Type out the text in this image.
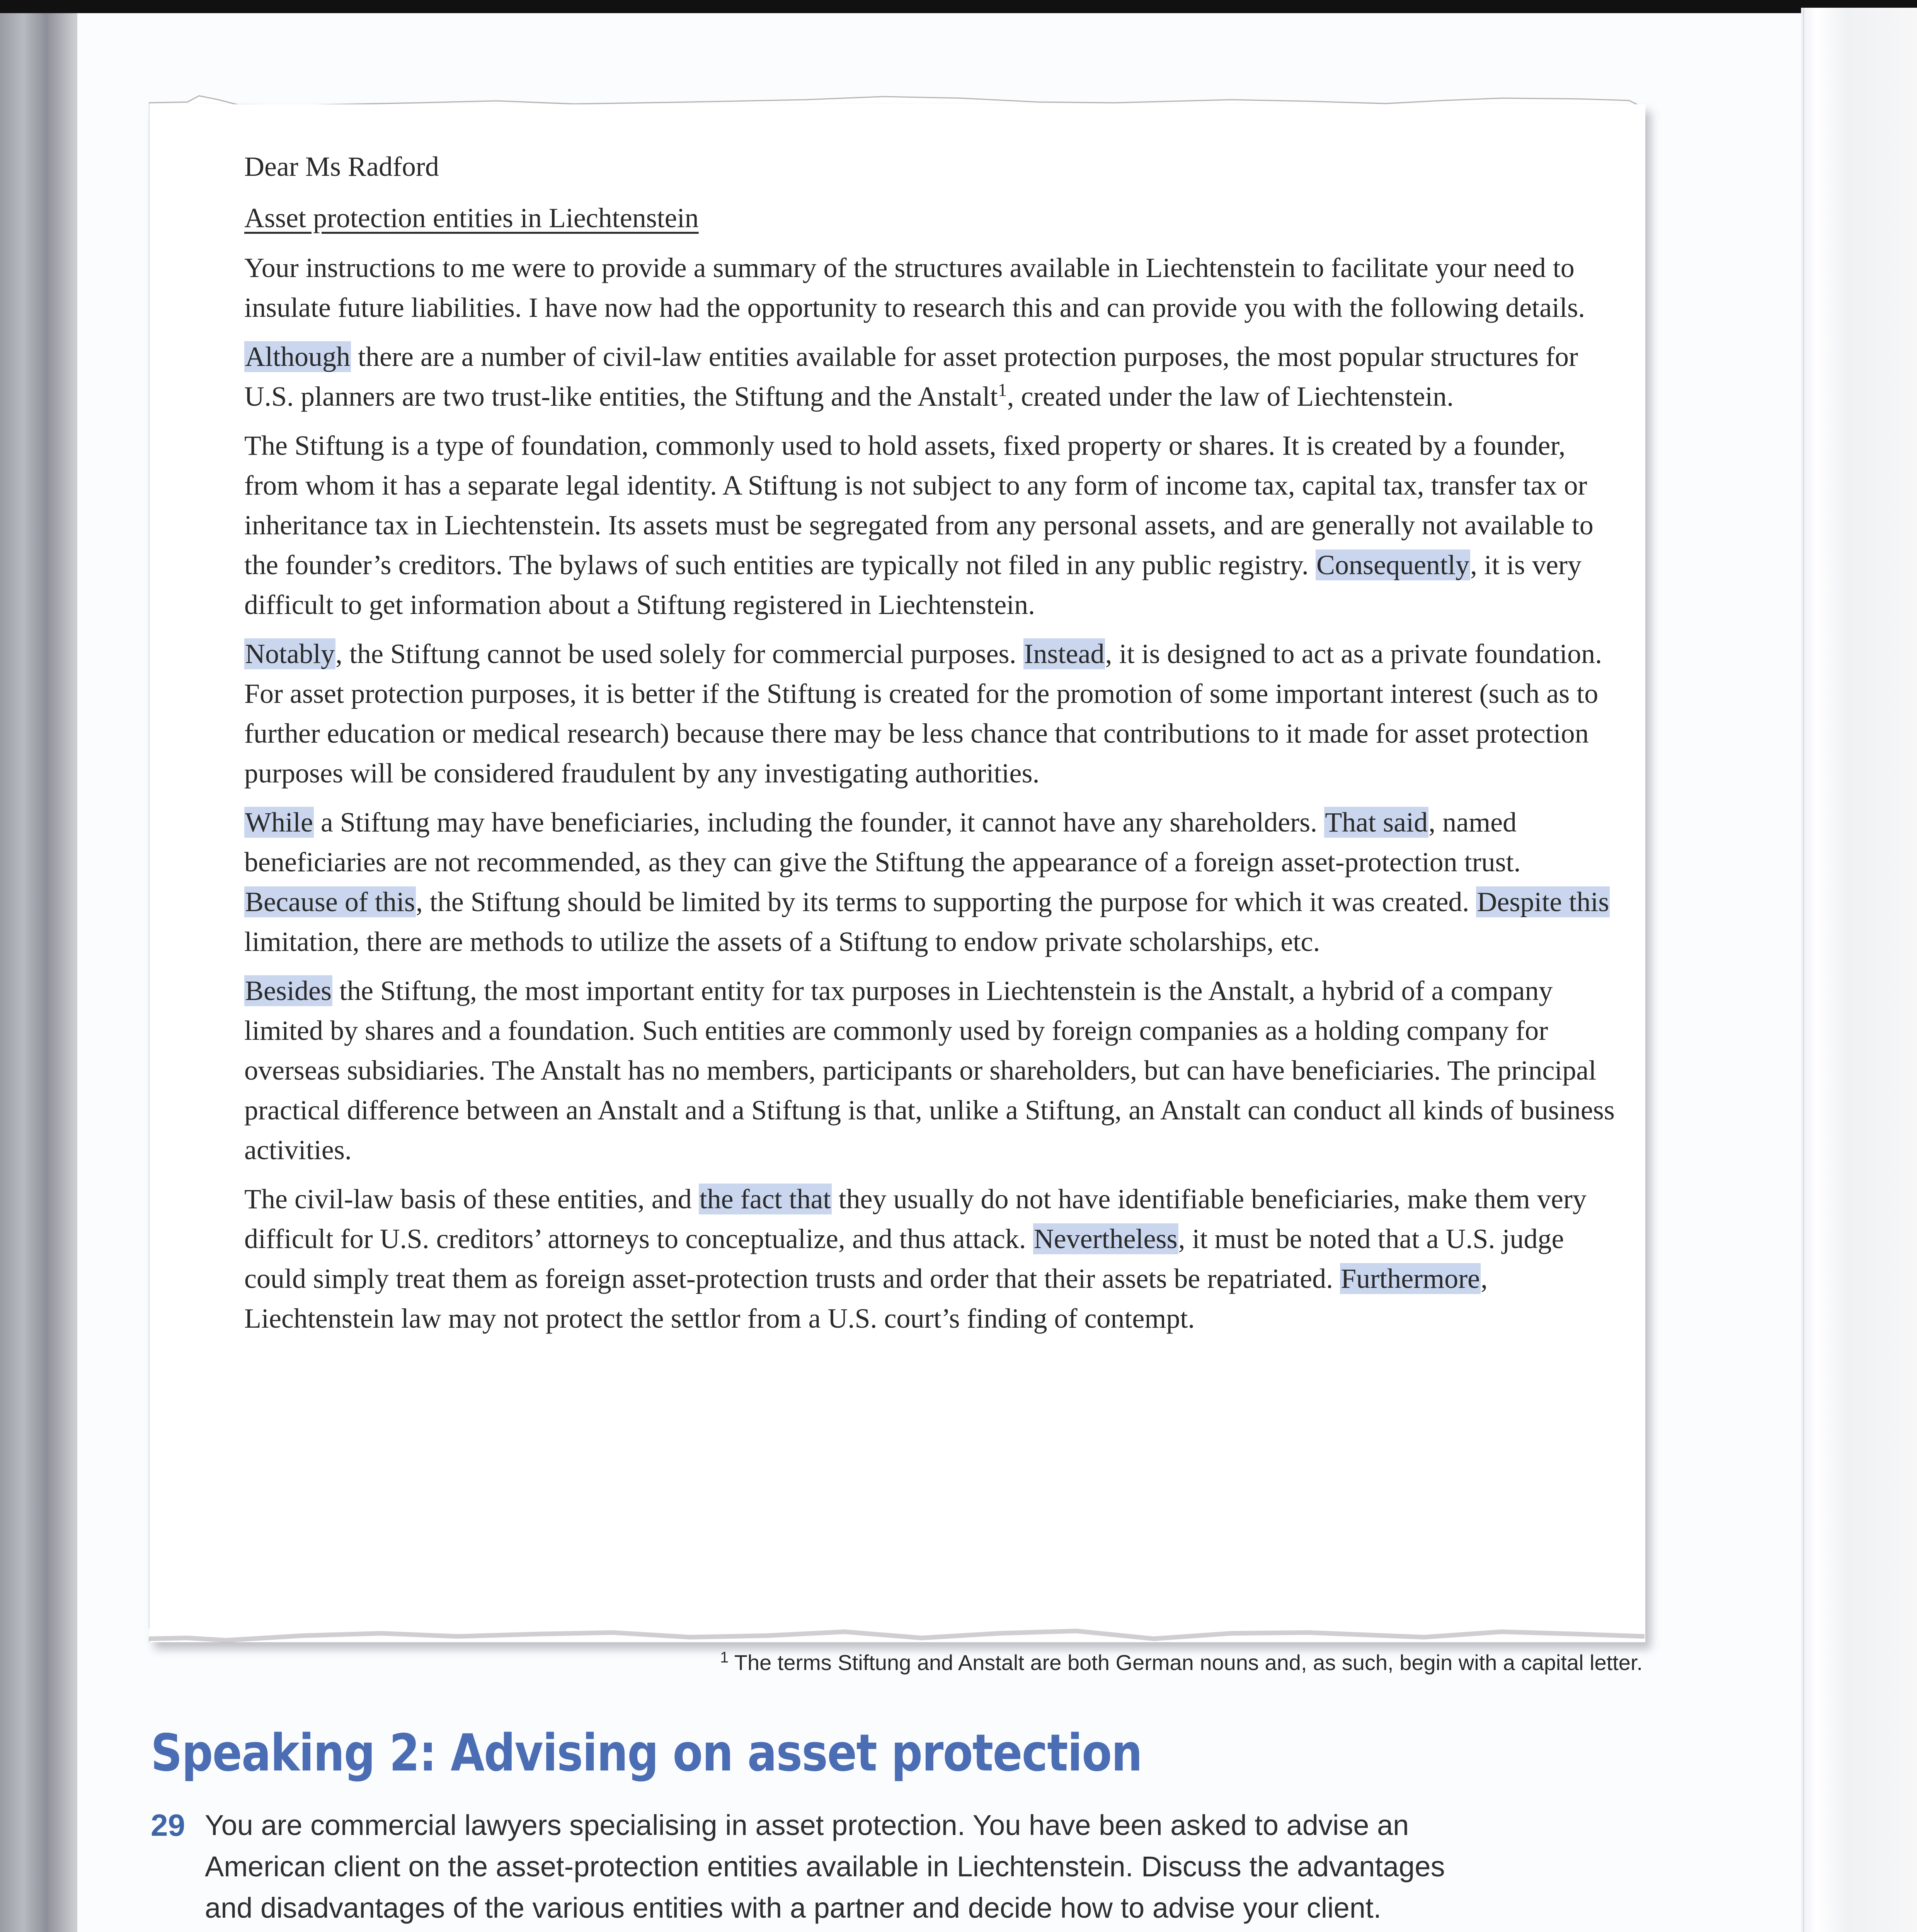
Dear Ms Radford

Asset protection entities in Liechtenstein

Your instructions to me were to provide a summary of the structures available in Liechtenstein to facilitate your need to insulate future liabilities. I have now had the opportunity to research this and can provide you with the following details.

Although there are a number of civil-law entities available for asset protection purposes, the most popular structures for U.S. planners are two trust-like entities, the Stiftung and the Anstalt$^1$, created under the law of Liechtenstein.

The Stiftung is a type of foundation, commonly used to hold assets, fixed property or shares. It is created by a founder, from whom it has a separate legal identity. A Stiftung is not subject to any form of income tax, capital tax, transfer tax or inheritance tax in Liechtenstein. Its assets must be segregated from any personal assets, and are generally not available to the founder’s creditors. The bylaws of such entities are typically not filed in any public registry. Consequently, it is very difficult to get information about a Stiftung registered in Liechtenstein.

Notably, the Stiftung cannot be used solely for commercial purposes. Instead, it is designed to act as a private foundation. For asset protection purposes, it is better if the Stiftung is created for the promotion of some important interest (such as to further education or medical research) because there may be less chance that contributions to it made for asset protection purposes will be considered fraudulent by any investigating authorities.

While a Stiftung may have beneficiaries, including the founder, it cannot have any shareholders. That said, named beneficiaries are not recommended, as they can give the Stiftung the appearance of a foreign asset-protection trust. Because of this, the Stiftung should be limited by its terms to supporting the purpose for which it was created. Despite this limitation, there are methods to utilize the assets of a Stiftung to endow private scholarships, etc.

Besides the Stiftung, the most important entity for tax purposes in Liechtenstein is the Anstalt, a hybrid of a company limited by shares and a foundation. Such entities are commonly used by foreign companies as a holding company for overseas subsidiaries. The Anstalt has no members, participants or shareholders, but can have beneficiaries. The principal practical difference between an Anstalt and a Stiftung is that, unlike a Stiftung, an Anstalt can conduct all kinds of business activities.

The civil-law basis of these entities, and the fact that they usually do not have identifiable beneficiaries, make them very difficult for U.S. creditors’ attorneys to conceptualize, and thus attack. Nevertheless, it must be noted that a U.S. judge could simply treat them as foreign asset-protection trusts and order that their assets be repatriated. Furthermore, Liechtenstein law may not protect the settlor from a U.S. court’s finding of contempt.

$^1$ The terms Stiftung and Anstalt are both German nouns and, as such, begin with a capital letter.
Speaking 2: Advising on asset protection
29 You are commercial lawyers specialising in asset protection. You have been asked to advise an American client on the asset-protection entities available in Liechtenstein. Discuss the advantages and disadvantages of the various entities with a partner and decide how to advise your client.
